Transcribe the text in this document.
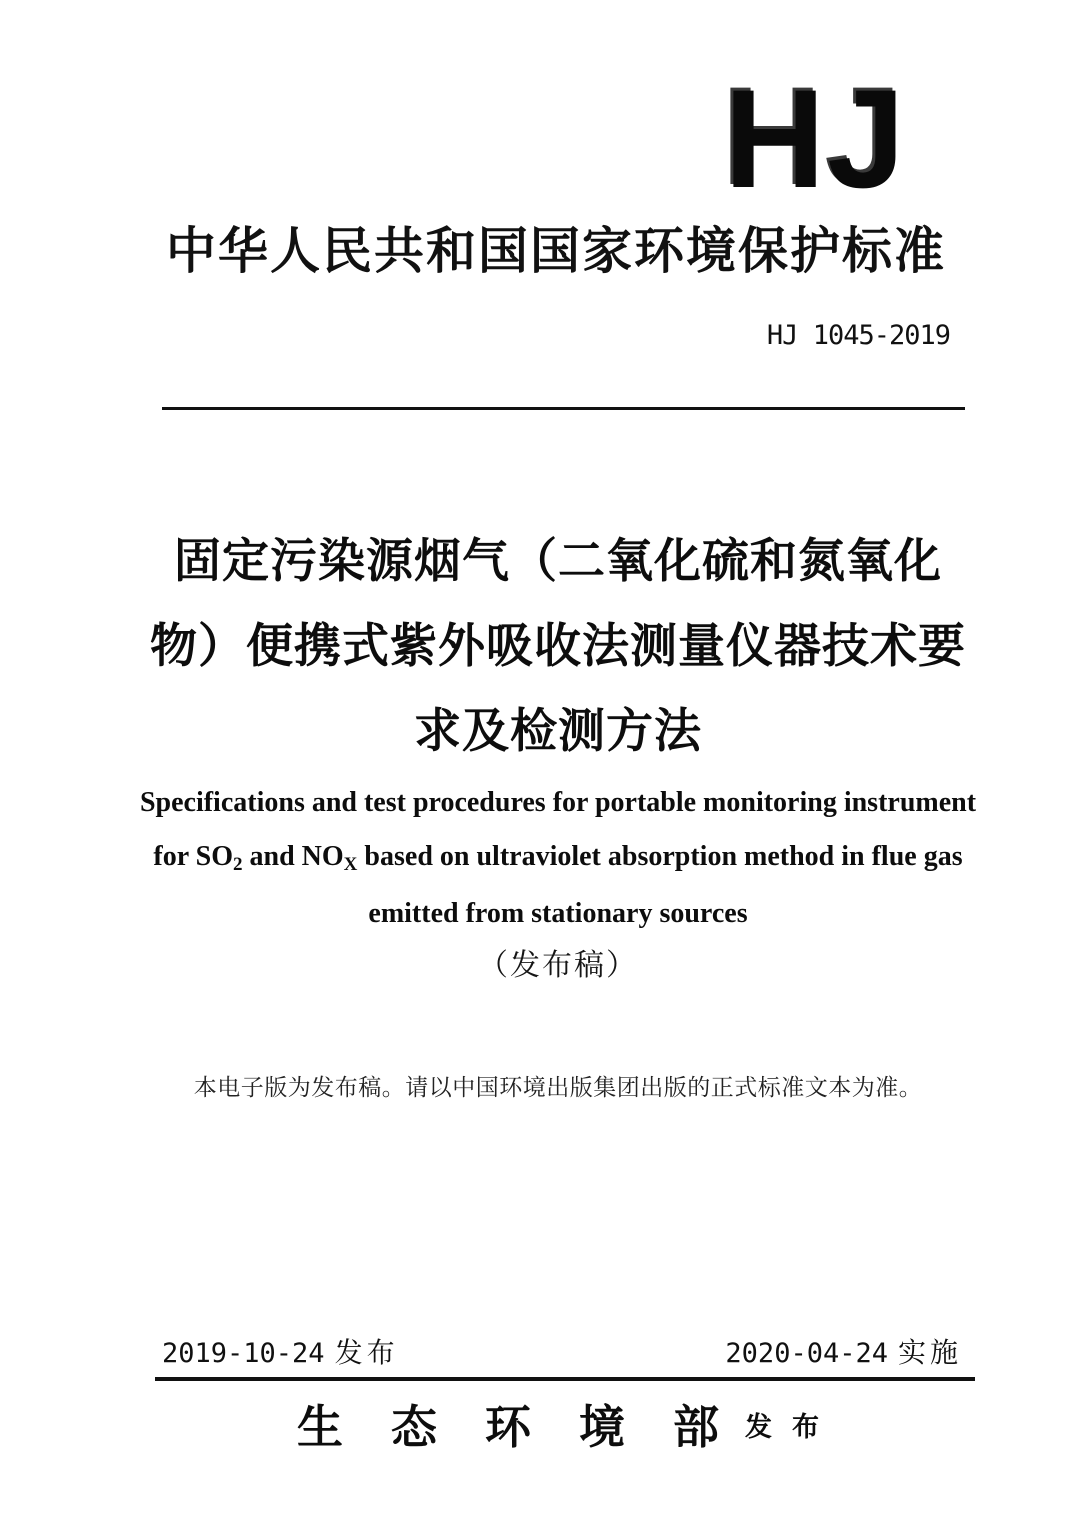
HJ
中华人民共和国国家环境保护标准
HJ 1045-2019
固定污染源烟气（二氧化硫和氮氧化
物）便携式紫外吸收法测量仪器技术要
求及检测方法
Specifications and test procedures for portable monitoring instrument
for $SO_2$ and $NO_X$ based on ultraviolet absorption method in flue gas
emitted from stationary sources
（发布稿）
本电子版为发布稿。请以中国环境出版集团出版的正式标准文本为准。
2019-10-24 发布	2020-04-24 实施
生态环境部
发布
